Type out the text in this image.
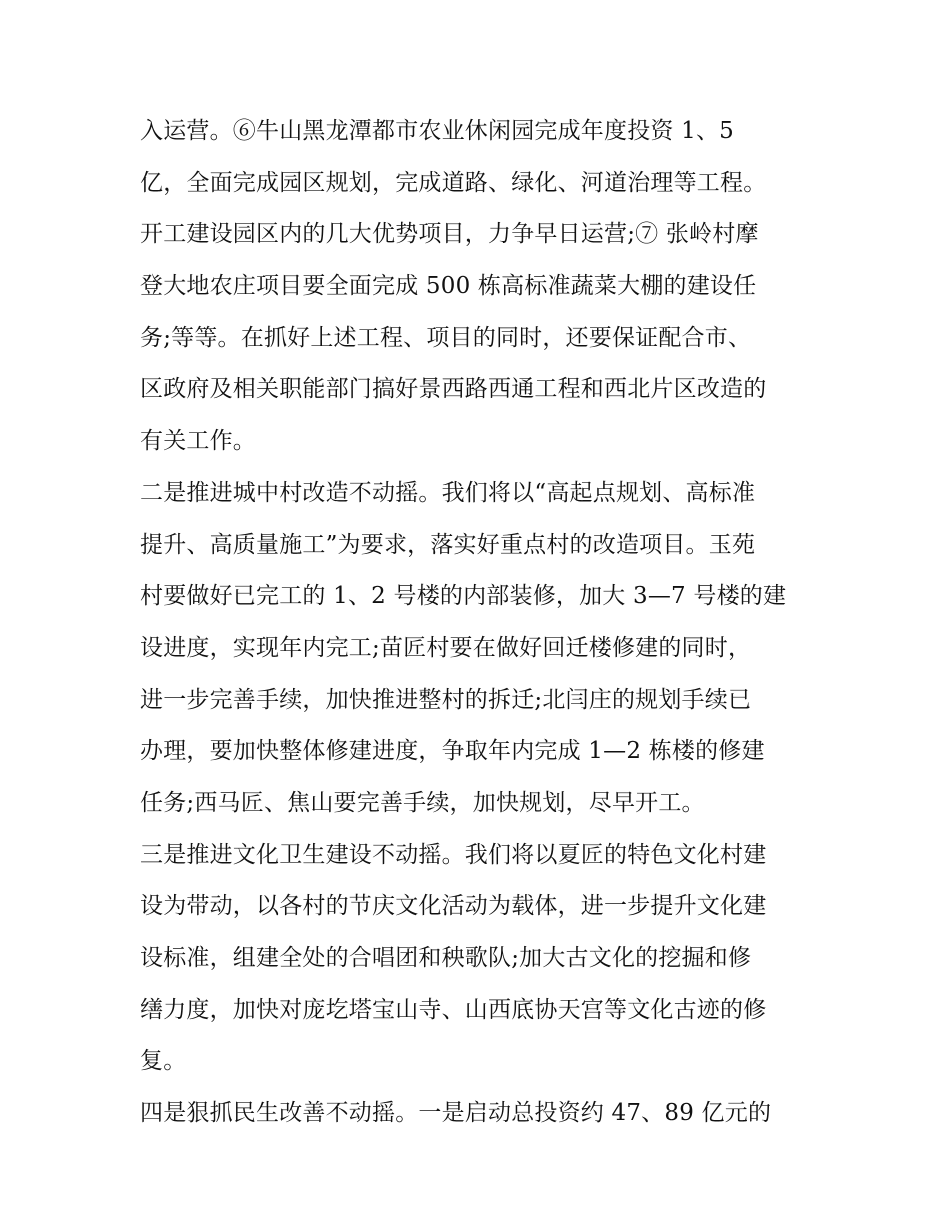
入运营。⑥牛山黑龙潭都市农业休闲园完成年度投资 1、5
亿，全面完成园区规划，完成道路、绿化、河道治理等工程。
开工建设园区内的几大优势项目，力争早日运营;⑦ 张岭村摩
登大地农庄项目要全面完成 500 栋高标准蔬菜大棚的建设任
务;等等。在抓好上述工程、项目的同时，还要保证配合市、
区政府及相关职能部门搞好景西路西通工程和西北片区改造的
有关工作。
二是推进城中村改造不动摇。我们将以“高起点规划、高标准
提升、高质量施工”为要求，落实好重点村的改造项目。玉苑
村要做好已完工的 1、2 号楼的内部装修，加大 3—7 号楼的建
设进度，实现年内完工;苗匠村要在做好回迁楼修建的同时，
进一步完善手续，加快推进整村的拆迁;北闫庄的规划手续已
办理，要加快整体修建进度，争取年内完成 1—2 栋楼的修建
任务;西马匠、焦山要完善手续，加快规划，尽早开工。
三是推进文化卫生建设不动摇。我们将以夏匠的特色文化村建
设为带动，以各村的节庆文化活动为载体，进一步提升文化建
设标准，组建全处的合唱团和秧歌队;加大古文化的挖掘和修
缮力度，加快对庞圪塔宝山寺、山西底协天宫等文化古迹的修
复。
四是狠抓民生改善不动摇。一是启动总投资约 47、89 亿元的
